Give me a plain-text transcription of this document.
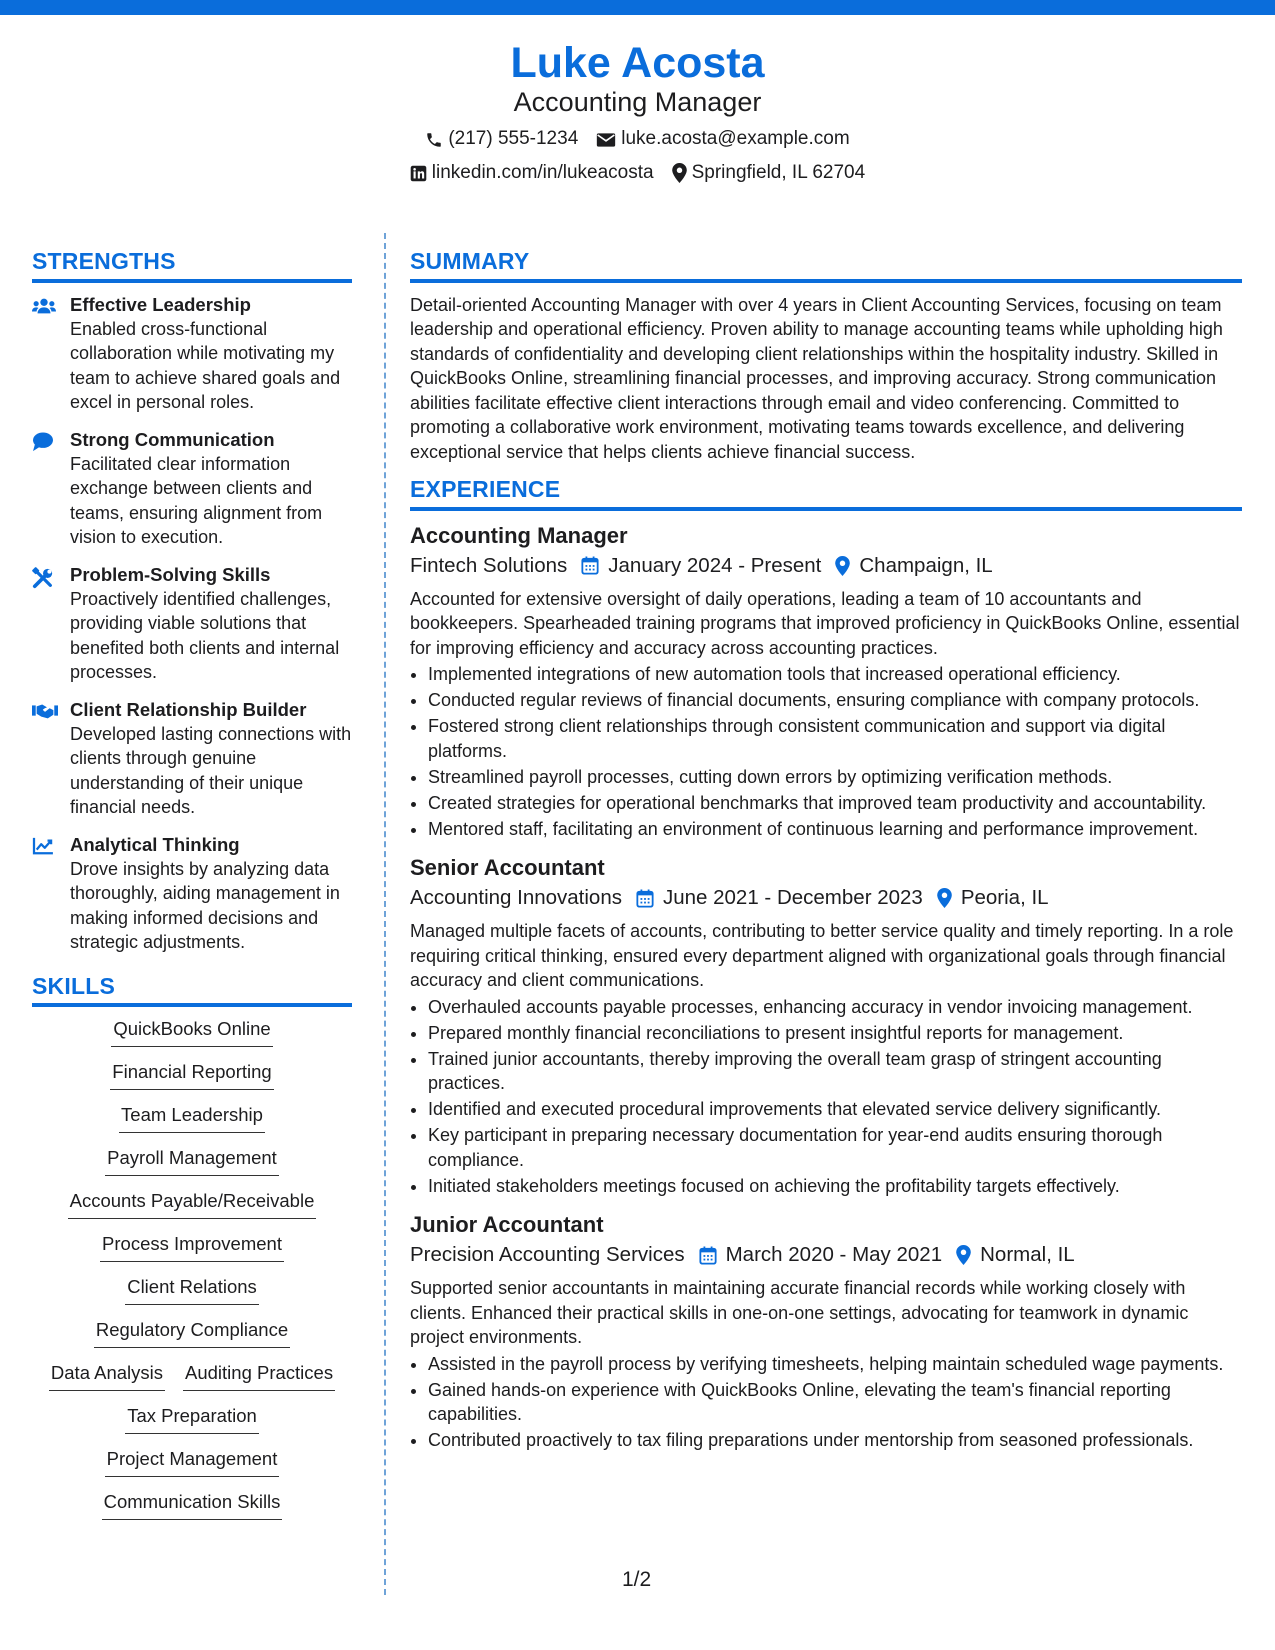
Luke Acosta
Accounting Manager
(217) 555-1234 luke.acosta@example.com
linkedin.com/in/lukeacosta Springfield, IL 62704
STRENGTHS
Effective Leadership
Enabled cross-functional collaboration while motivating my team to achieve shared goals and excel in personal roles.
Strong Communication
Facilitated clear information exchange between clients and teams, ensuring alignment from vision to execution.
Problem-Solving Skills
Proactively identified challenges, providing viable solutions that benefited both clients and internal processes.
Client Relationship Builder
Developed lasting connections with clients through genuine understanding of their unique financial needs.
Analytical Thinking
Drove insights by analyzing data thoroughly, aiding management in making informed decisions and strategic adjustments.
SKILLS
QuickBooks Online
Financial Reporting
Team Leadership
Payroll Management
Accounts Payable/Receivable
Process Improvement
Client Relations
Regulatory Compliance
Data Analysis Auditing Practices
Tax Preparation
Project Management
Communication Skills
SUMMARY

Detail-oriented Accounting Manager with over 4 years in Client Accounting Services, focusing on team leadership and operational efficiency. Proven ability to manage accounting teams while upholding high standards of confidentiality and developing client relationships within the hospitality industry. Skilled in QuickBooks Online, streamlining financial processes, and improving accuracy. Strong communication abilities facilitate effective client interactions through email and video conferencing. Committed to promoting a collaborative work environment, motivating teams towards excellence, and delivering exceptional service that helps clients achieve financial success.

EXPERIENCE
Accounting Manager
Fintech Solutions January 2024 - Present Champaign, IL
Accounted for extensive oversight of daily operations, leading a team of 10 accountants and bookkeepers. Spearheaded training programs that improved proficiency in QuickBooks Online, essential for improving efficiency and accuracy across accounting practices.
• Implemented integrations of new automation tools that increased operational efficiency.
• Conducted regular reviews of financial documents, ensuring compliance with company protocols.
• Fostered strong client relationships through consistent communication and support via digital platforms.
• Streamlined payroll processes, cutting down errors by optimizing verification methods.
• Created strategies for operational benchmarks that improved team productivity and accountability.
• Mentored staff, facilitating an environment of continuous learning and performance improvement.
Senior Accountant
Accounting Innovations June 2021 - December 2023 Peoria, IL
Managed multiple facets of accounts, contributing to better service quality and timely reporting. In a role requiring critical thinking, ensured every department aligned with organizational goals through financial accuracy and client communications.
• Overhauled accounts payable processes, enhancing accuracy in vendor invoicing management.
• Prepared monthly financial reconciliations to present insightful reports for management.
• Trained junior accountants, thereby improving the overall team grasp of stringent accounting practices.
• Identified and executed procedural improvements that elevated service delivery significantly.
• Key participant in preparing necessary documentation for year-end audits ensuring thorough compliance.
• Initiated stakeholders meetings focused on achieving the profitability targets effectively.
Junior Accountant
Precision Accounting Services March 2020 - May 2021 Normal, IL
Supported senior accountants in maintaining accurate financial records while working closely with clients. Enhanced their practical skills in one-on-one settings, advocating for teamwork in dynamic project environments.
• Assisted in the payroll process by verifying timesheets, helping maintain scheduled wage payments.
• Gained hands-on experience with QuickBooks Online, elevating the team's financial reporting capabilities.
• Contributed proactively to tax filing preparations under mentorship from seasoned professionals.
1/2
